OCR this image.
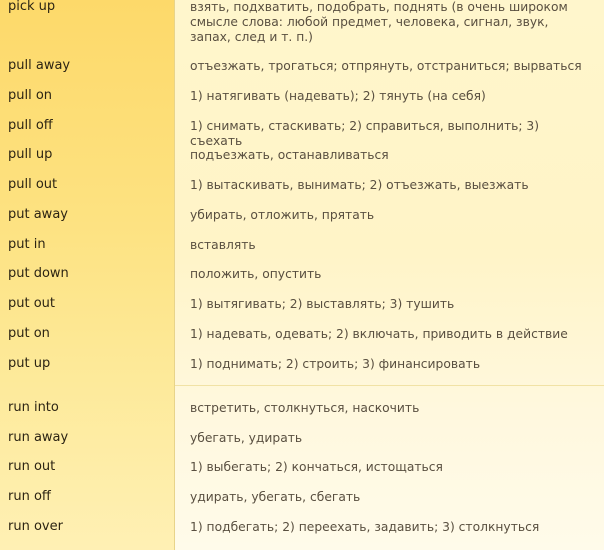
pick up	взять, подхватить, подобрать, поднять (в очень широком смысле слова: любой предмет, человека, сигнал, звук, запах, след и т. п.)
pull away	отъезжать, трогаться; отпрянуть, отстраниться; вырваться
pull on	1) натягивать (надевать); 2) тянуть (на себя)
pull off	1) снимать, стаскивать; 2) справиться, выполнить; 3) съехать
pull up	подъезжать, останавливаться
pull out	1) вытаскивать, вынимать; 2) отъезжать, выезжать
put away	убирать, отложить, прятать
put in	вставлять
put down	положить, опустить
put out	1) вытягивать; 2) выставлять; 3) тушить
put on	1) надевать, одевать; 2) включать, приводить в действие
put up	1) поднимать; 2) строить; 3) финансировать
run into	встретить, столкнуться, наскочить
run away	убегать, удирать
run out	1) выбегать; 2) кончаться, истощаться
run off	удирать, убегать, сбегать
run over	1) подбегать; 2) переехать, задавить; 3) столкнуться
